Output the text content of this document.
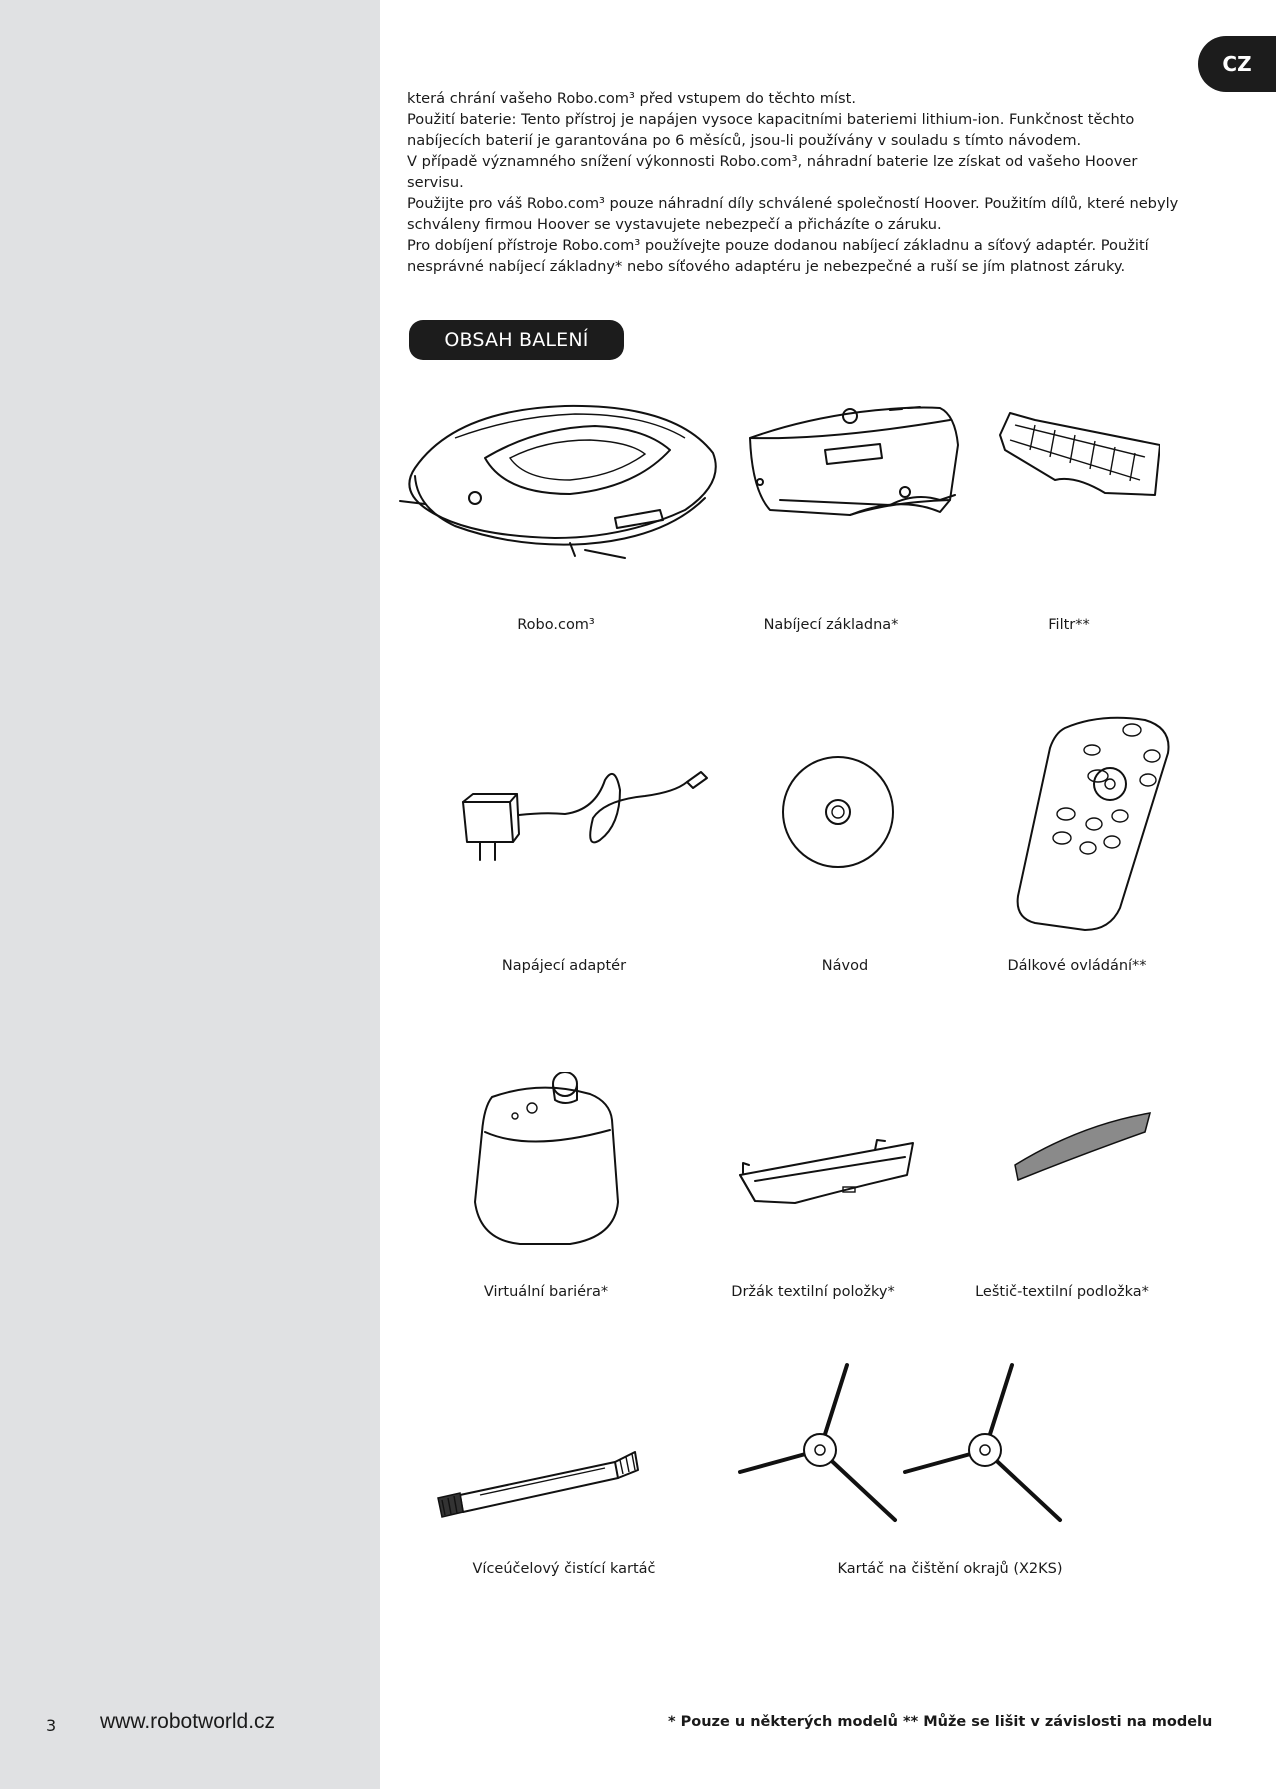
CZ

která chrání vašeho Robo.com³ před vstupem do těchto míst.

Použití baterie: Tento přístroj je napájen vysoce kapacitními bateriemi lithium-ion. Funkčnost těchto nabíjecích baterií je garantována po 6 měsíců, jsou-li používány v souladu s tímto návodem.

V případě významného snížení výkonnosti Robo.com³, náhradní baterie lze získat od vašeho Hoover servisu.

Použijte pro váš Robo.com³ pouze náhradní díly schválené společností Hoover. Použitím dílů, které nebyly schváleny firmou Hoover se vystavujete nebezpečí a přicházíte o záruku.

Pro dobíjení přístroje Robo.com³ používejte pouze dodanou nabíjecí základnu a síťový adaptér. Použití nesprávné nabíjecí základny* nebo síťového adaptéru je nebezpečné a ruší se jím platnost záruky.

OBSAH BALENÍ
Robo.com³	Nabíjecí základna*	Filtr**
Napájecí adaptér	Návod	Dálkové ovládání**
Virtuální bariéra*	Držák textilní položky*	Leštič-textilní podložka*
Víceúčelový čistící kartáč	Kartáč na čištění okrajů (X2KS)
3 www.robotworld.cz	* Pouze u některých modelů ** Může se lišit v závislosti na modelu
